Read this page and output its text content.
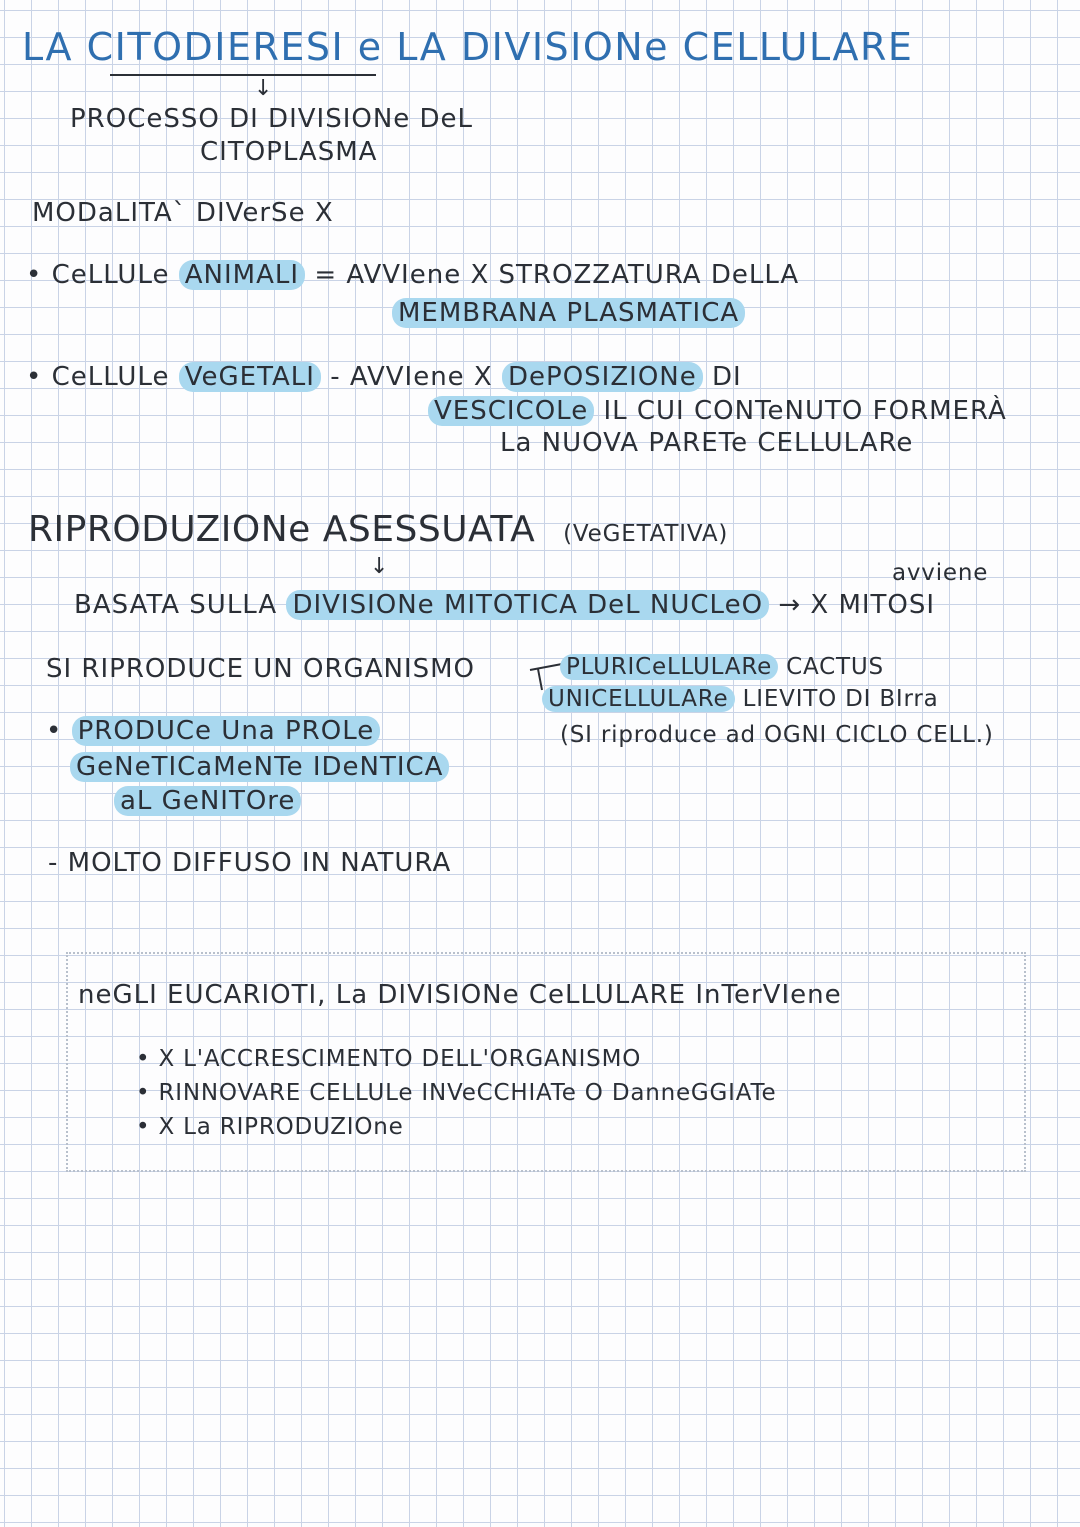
LA CITODIERESI e LA DIVISIONe CELLULARE
↓
PROCeSSO DI DIVISIONe DeL
CITOPLASMA
MODaLITA` DIVerSe X
• CeLLULe ANIMALI = AVVIene X STROZZATURA DeLLA
MEMBRANA PLASMATICA
• CeLLULe VeGETALI - AVVIene X DePOSIZIONe DI
VESCICOLe IL CUI CONTeNUTO FORMERÀ
La NUOVA PARETe CELLULARe
RIPRODUZIONe ASESSUATA (VeGETATIVA)
↓	avviene
BASATA SULLA DIVISIONe MITOTICA DeL NUCLeO → X MITOSI
SI RIPRODUCE UN ORGANISMO	PLURICeLLULARe CACTUS
UNICELLULARe LIEVITO DI BIrra
(SI riproduce ad OGNI CICLO CELL.)
• PRODUCe Una PROLe
GeNeTICaMeNTe IDeNTICA
aL GeNITOre
- MOLTO DIFFUSO IN NATURA
neGLI EUCARIOTI, La DIVISIONe CeLLULARE InTerVIene
• X L'ACCRESCIMENTO DELL'ORGANISMO
• RINNOVARE CELLULe INVeCCHIATe O DanneGGIATe
• X La RIPRODUZIOne
